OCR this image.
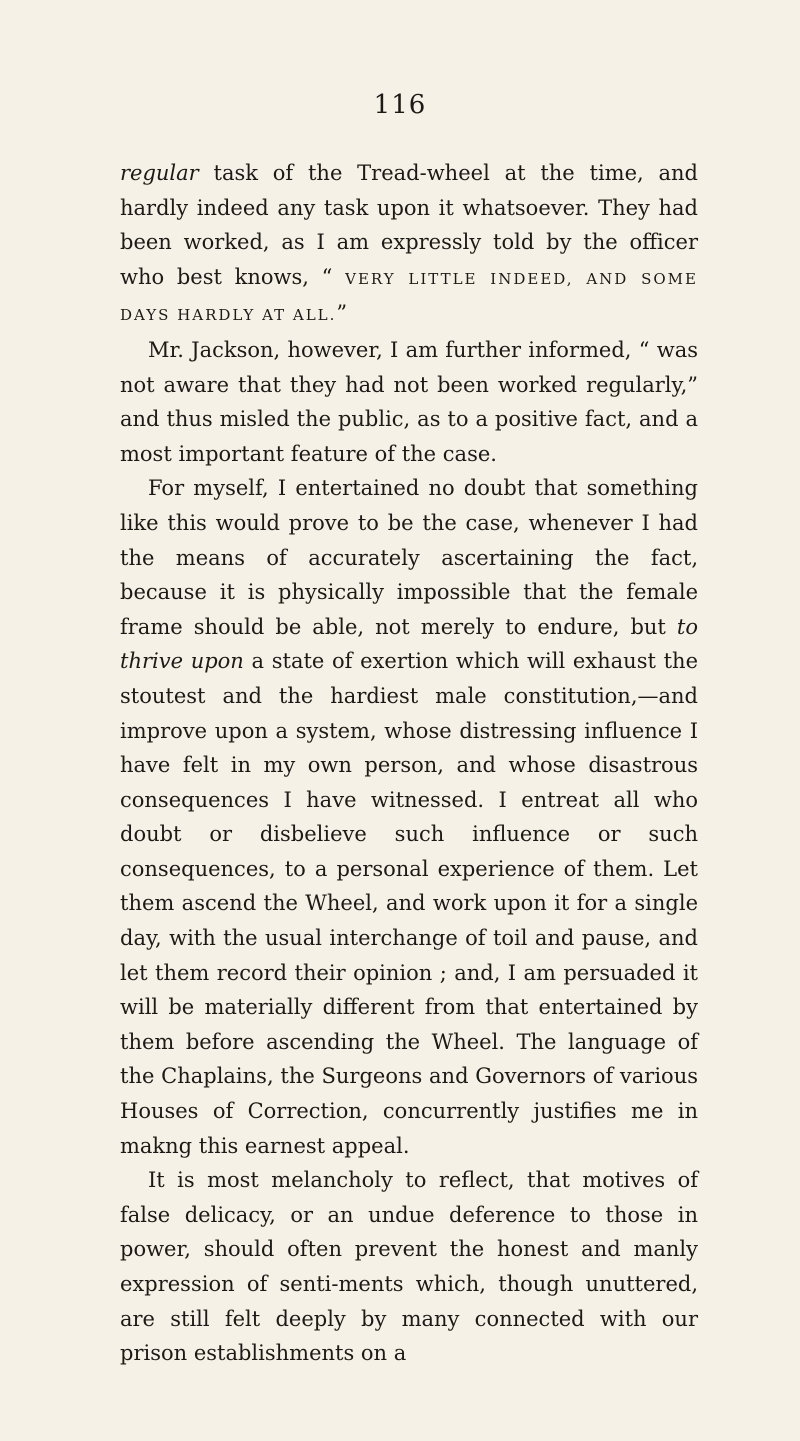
116

regular task of the Tread-wheel at the time, and hardly indeed any task upon it whatsoever. They had been worked, as I am expressly told by the officer who best knows, “ VERY LITTLE INDEED, AND SOME DAYS HARDLY AT ALL.”

Mr. Jackson, however, I am further informed, “ was not aware that they had not been worked regularly,” and thus misled the public, as to a positive fact, and a most important feature of the case.

For myself, I entertained no doubt that something like this would prove to be the case, whenever I had the means of accurately ascertaining the fact, because it is physically impossible that the female frame should be able, not merely to endure, but to thrive upon a state of exertion which will exhaust the stoutest and the hardiest male constitution,—and improve upon a system, whose distressing influence I have felt in my own person, and whose disastrous consequences I have witnessed. I entreat all who doubt or disbelieve such influence or such consequences, to a personal experience of them. Let them ascend the Wheel, and work upon it for a single day, with the usual interchange of toil and pause, and let them record their opinion ; and, I am persuaded it will be materially different from that entertained by them before ascending the Wheel. The language of the Chaplains, the Surgeons and Governors of various Houses of Correction, concurrently justifies me in makng this earnest appeal.

It is most melancholy to reflect, that motives of false delicacy, or an undue deference to those in power, should often prevent the honest and manly expression of senti-ments which, though unuttered, are still felt deeply by many connected with our prison establishments on a
